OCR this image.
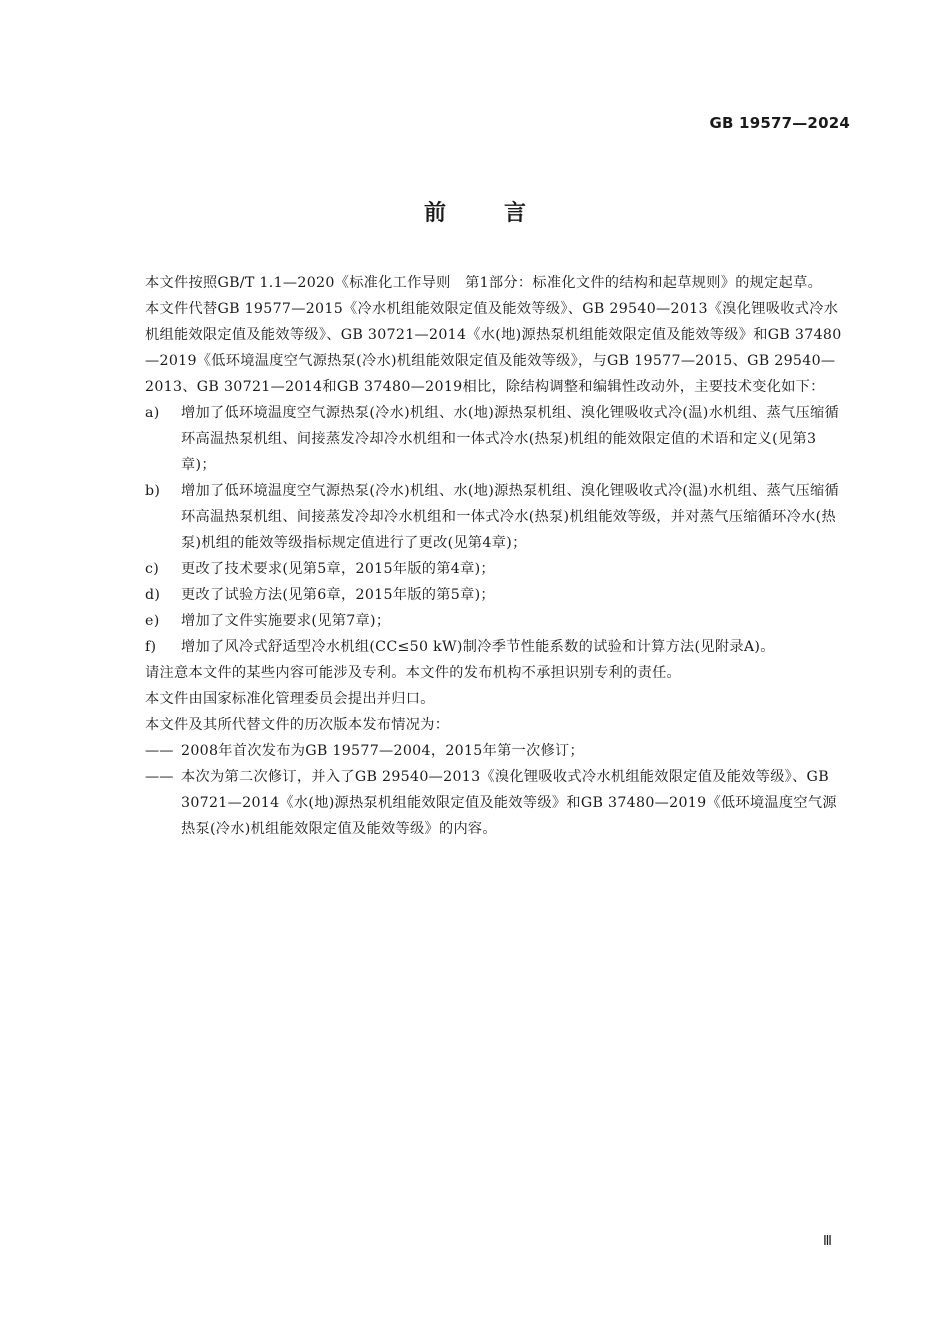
GB 19577—2024
前言

本文件按照GB/T 1.1—2020《标准化工作导则　第1部分：标准化文件的结构和起草规则》的规定起草。

本文件代替GB 19577—2015《冷水机组能效限定值及能效等级》、GB 29540—2013《溴化锂吸收式冷水机组能效限定值及能效等级》、GB 30721—2014《水(地)源热泵机组能效限定值及能效等级》和GB 37480—2019《低环境温度空气源热泵(冷水)机组能效限定值及能效等级》，与GB 19577—2015、GB 29540—2013、GB 30721—2014和GB 37480—2019相比，除结构调整和编辑性改动外，主要技术变化如下：

a) 增加了低环境温度空气源热泵(冷水)机组、水(地)源热泵机组、溴化锂吸收式冷(温)水机组、蒸气压缩循环高温热泵机组、间接蒸发冷却冷水机组和一体式冷水(热泵)机组的能效限定值的术语和定义(见第3章)；
b) 增加了低环境温度空气源热泵(冷水)机组、水(地)源热泵机组、溴化锂吸收式冷(温)水机组、蒸气压缩循环高温热泵机组、间接蒸发冷却冷水机组和一体式冷水(热泵)机组能效等级，并对蒸气压缩循环冷水(热泵)机组的能效等级指标规定值进行了更改(见第4章)；
c) 更改了技术要求(见第5章，2015年版的第4章)；
d) 更改了试验方法(见第6章，2015年版的第5章)；
e) 增加了文件实施要求(见第7章)；
f) 增加了风冷式舒适型冷水机组(CC≤50 kW)制冷季节性能系数的试验和计算方法(见附录A)。

请注意本文件的某些内容可能涉及专利。本文件的发布机构不承担识别专利的责任。

本文件由国家标准化管理委员会提出并归口。

本文件及其所代替文件的历次版本发布情况为：

—— 2008年首次发布为GB 19577—2004，2015年第一次修订；
—— 本次为第二次修订，并入了GB 29540—2013《溴化锂吸收式冷水机组能效限定值及能效等级》、GB 30721—2014《水(地)源热泵机组能效限定值及能效等级》和GB 37480—2019《低环境温度空气源热泵(冷水)机组能效限定值及能效等级》的内容。
Ⅲ
